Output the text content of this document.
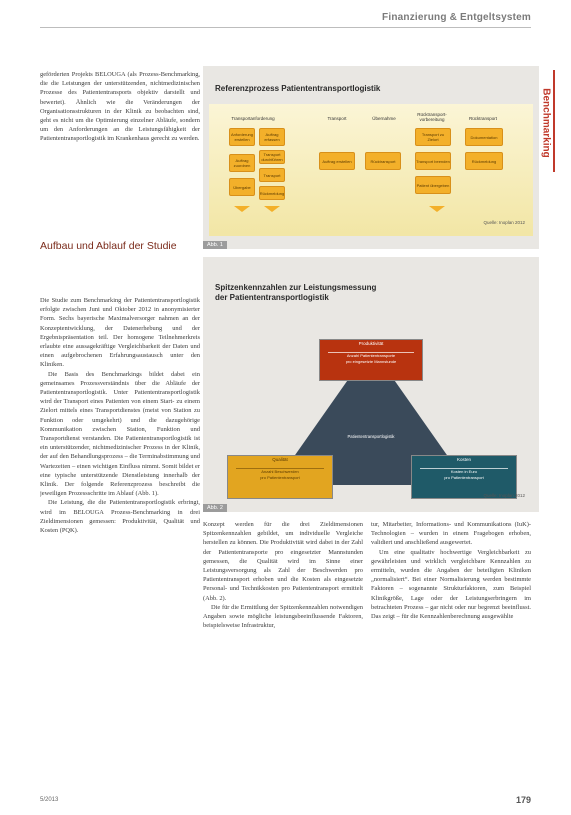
Finanzierung & Entgeltsystem
Benchmarking

geförderten Projekts BELOUGA (als Prozess-Benchmarking, die die Leistungen der unterstützenden, nichtmedizinischen Prozesse des Patiententransports objektiv darstellt und bewertet). Ähnlich wie die Veränderungen der Organisationsstrukturen in der Klinik zu beobachten sind, geht es nicht um die Optimierung einzelner Abläufe, sondern um den Anforderungen an die Leistungsfähigkeit der Patiententransportlogistik im Krankenhaus gerecht zu werden.

Aufbau und Ablauf der Studie

Die Studie zum Benchmarking der Patiententransportlogistik erfolgte zwischen Juni und Oktober 2012 in anonymisierter Form. Sechs bayerische Maximalversorger nahmen an der Konzeptentwicklung, der Datenerhebung und der Ergebnispräsentation teil. Der homogene Teilnehmerkreis erlaubte eine aussagekräftige Vergleichbarkeit der Daten und einen aufgebrochenen Erfahrungsaustausch unter den Kliniken.

Die Basis des Benchmarkings bildet dabei ein gemeinsames Prozessverständnis über die Abläufe der Patiententransportlogistik. Unter Patiententransportlogistik wird der Transport eines Patienten von einem Start- zu einem Zielort mittels eines Transportdienstes (meist von Station zu Funktion oder umgekehrt) und die dazugehörige Kommunikation zwischen Station, Funktion und Transportdienst verstanden. Die Patiententransportlogistik ist ein unterstützender, nichtmedizinischer Prozess in der Klinik, der auf den Behandlungsprozess – die Terminabstimmung und Wartezeiten – einen wichtigen Einfluss nimmt. Somit bildet er eine typische unterstützende Dienstleistung innerhalb der Klinik. Der folgende Referenzprozess beschreibt die jeweiligen Prozessschritte im Ablauf (Abb. 1).

Die Leistung, die die Patiententransportlogistik erbringt, wird im BELOUGA Prozess-Benchmarking in drei Zieldimensionen gemessen: Produktivität, Qualität und Kosten (PQK).

Referenzprozess Patiententransportlogistik
Transportanforderung	Transport	Übernahme
Rücktransport-vorbereitung	Rücktransport
Anforderung erstellen
Auftrag erfassen
Auftrag zuordnen
Transport durchführen
Transport
Übergabe
Rückmeldung
Auftrag erstellen	Rücktransport
Transport zu Zielort
Transport beenden
Patient übergeben
Dokumentation
Rückmeldung
Quelle: Inoplan 2012
Abb. 1
Spitzenkennzahlen zur Leistungsmessung
der Patiententransportlogistik
Produktivität
Anzahl Patiententransporte
pro eingesetzte Mannstunde
Patiententransportlogistik
Qualität
Anzahl Beschwerden
pro Patiententransport
Kosten
Kosten in Euro
pro Patiententransport
Quelle: Inoplan 2012
Abb. 2

Konzept werden für die drei Zieldimensionen Spitzenkennzahlen gebildet, um individuelle Vergleiche herstellen zu können. Die Produktivität wird dabei in der Zahl der Patiententransporte pro eingesetzter Mannstunden gemessen, die Qualität wird im Sinne einer Leistungsversorgung als Zahl der Beschwerden pro Patiententransport erhoben und die Kosten als eingesetzte Personal- und Technikkosten pro Patiententransport ermittelt (Abb. 2).

Die für die Ermittlung der Spitzenkennzahlen notwendigen Angaben sowie mögliche leistungsbeeinflussende Faktoren, beispielsweise Infrastruktur,

tur, Mitarbeiter, Informations- und Kommunikations (IuK)-Technologien – wurden in einem Fragebogen erhoben, validiert und anschließend ausgewertet.

Um eine qualitativ hochwertige Vergleichbarkeit zu gewährleisten und wirklich vergleichbare Kennzahlen zu ermitteln, wurden die Angaben der beteiligten Kliniken „normalisiert“. Bei einer Normalisierung werden bestimmte Faktoren – sogenannte Strukturfaktoren, zum Beispiel Klinikgröße, Lage oder der Leistungserbringern im betrachteten Prozess – gar nicht oder nur begrenzt beeinflusst. Das zeigt – für die Kennzahlenberechnung ausgewählte

5/2013	179
